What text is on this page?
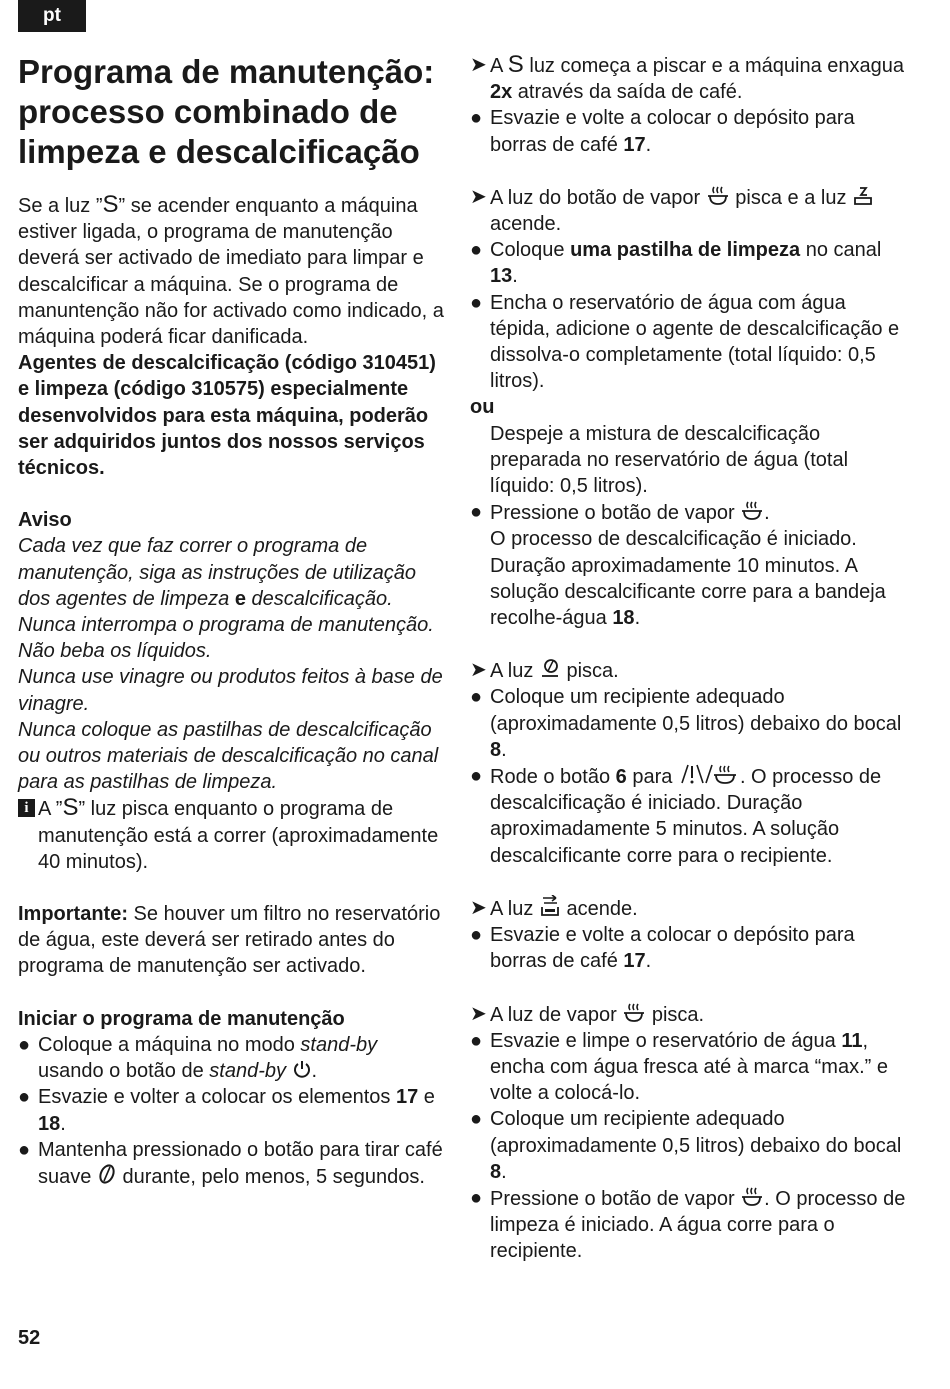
pt
Programa de manutenção: processo combinado de limpeza e descalcificação

Se a luz ”S” se acender enquanto a máquina estiver ligada, o programa de manutenção deverá ser activado de imediato para limpar e descalcificar a máquina. Se o programa de manuntenção não for activado como indicado, a máquina poderá ficar danificada.

Agentes de descalcificação (código 310451) e limpeza (código 310575) especialmente desenvolvidos para esta máquina, poderão ser adquiridos juntos dos nossos serviços técnicos.

Aviso

Cada vez que faz correr o programa de manutenção, siga as instruções de utilização dos agentes de limpeza e descalcificação.

Nunca interrompa o programa de manutenção.

Não beba os líquidos.

Nunca use vinagre ou produtos feitos à base de vinagre.

Nunca coloque as pastilhas de descalcificação ou outros materiais de descalcificação no canal para as pastilhas de limpeza.

i A ”S” luz pisca enquanto o programa de manutenção está a correr (aproximadamente 40 minutos).

Importante: Se houver um filtro no reservatório de água, este deverá ser retirado antes do programa de manutenção ser activado.

Iniciar o programa de manutenção

● Coloque a máquina no modo stand-by usando o botão de stand-by .
● Esvazie e volter a colocar os elementos 17 e 18.
● Mantenha pressionado o botão para tirar café suave  durante, pelo menos, 5 segundos.
➤ A S luz começa a piscar e a máquina enxagua 2x através da saída de café.
● Esvazie e volte a colocar o depósito para borras de café 17.
➤ A luz do botão de vapor  pisca e a luz  acende.
● Coloque uma pastilha de limpeza no canal 13.
● Encha o reservatório de água com água tépida, adicione o agente de descalcificação e dissolva-o completamente (total líquido: 0,5 litros).

ou

Despeje a mistura de descalcificação preparada no reservatório de água (total líquido: 0,5 litros).

● Pressione o botão de vapor .
O processo de descalcificação é iniciado. Duração aproximadamente 10 minutos. A solução descalcificante corre para a bandeja recolhe-água 18.
➤ A luz  pisca.
● Coloque um recipiente adequado (aproximadamente 0,5 litros) debaixo do bocal 8.
● Rode o botão 6 para	. O processo de descalcificação é iniciado. Duração aproximadamente 5 minutos. A solução descalcificante corre para o recipiente.
➤ A luz  acende.
● Esvazie e volte a colocar o depósito para borras de café 17.
➤ A luz de vapor  pisca.
● Esvazie e limpe o reservatório de água 11, encha com água fresca até à marca “max.” e volte a colocá-lo.
● Coloque um recipiente adequado (aproximadamente 0,5 litros) debaixo do bocal 8.
● Pressione o botão de vapor . O processo de limpeza é iniciado. A água corre para o recipiente.
52
